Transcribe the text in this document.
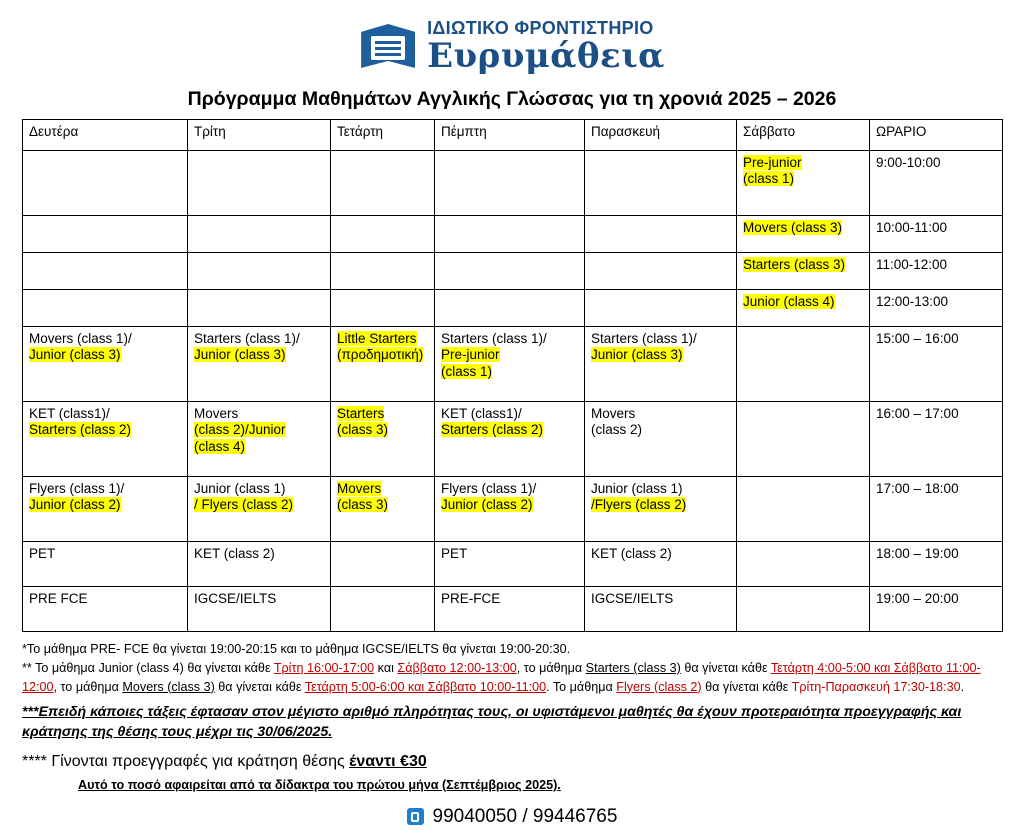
ΙΔΙΩΤΙΚΟ ΦΡΟΝΤΙΣΤΗΡΙΟ
Ευρυμάθεια
Πρόγραμμα Μαθημάτων Αγγλικής Γλώσσας για τη χρονιά 2025 – 2026
Δευτέρα	Τρίτη	Τετάρτη	Πέμπτη	Παρασκευή	Σάββατο	ΩΡΑΡΙΟ
					Pre-junior
(class 1)	9:00-10:00
					Movers (class 3)	10:00-11:00
					Starters (class 3)	11:00-12:00
					Junior (class 4)	12:00-13:00
Movers (class 1)/
Junior (class 3)	Starters (class 1)/
Junior (class 3)	Little Starters
(προδημοτική)	Starters (class 1)/
Pre-junior
(class 1)	Starters (class 1)/
Junior (class 3)		15:00 – 16:00
KET (class1)/
Starters (class 2)	Movers
(class 2)/Junior
(class 4)	Starters
(class 3)	KET (class1)/
Starters (class 2)	Movers
(class 2)		16:00 – 17:00
Flyers (class 1)/
Junior (class 2)	Junior (class 1)
/ Flyers (class 2)	Movers
(class 3)	Flyers (class 1)/
Junior (class 2)	Junior (class 1)
/Flyers (class 2)		17:00 – 18:00
PET	KET (class 2)		PET	KET (class 2)		18:00 – 19:00
PRE FCE	IGCSE/IELTS		PRE-FCE	IGCSE/IELTS		19:00 – 20:00

*Το μάθημα PRE- FCE θα γίνεται 19:00-20:15 και το μάθημα IGCSE/IELTS θα γίνεται 19:00-20:30.

** Το μάθημα Junior (class 4) θα γίνεται κάθε Τρίτη 16:00-17:00 και Σάββατο 12:00-13:00, το μάθημα Starters (class 3) θα γίνεται κάθε Τετάρτη 4:00-5:00 και Σάββατο 11:00-12:00, το μάθημα Movers (class 3) θα γίνεται κάθε Τετάρτη 5:00-6:00 και Σάββατο 10:00-11:00. Το μάθημα Flyers (class 2) θα γίνεται κάθε Τρίτη-Παρασκευή 17:30-18:30.

***Επειδή κάποιες τάξεις έφτασαν στον μέγιστο αριθμό πληρότητας τους, οι υφιστάμενοι μαθητές θα έχουν προτεραιότητα προεγγραφής και κράτησης της θέσης τους μέχρι τις 30/06/2025.

**** Γίνονται προεγγραφές για κράτηση θέσης έναντι €30

Αυτό το ποσό αφαιρείται από τα δίδακτρα του πρώτου μήνα (Σεπτέμβριος 2025).

99040050 / 99446765
